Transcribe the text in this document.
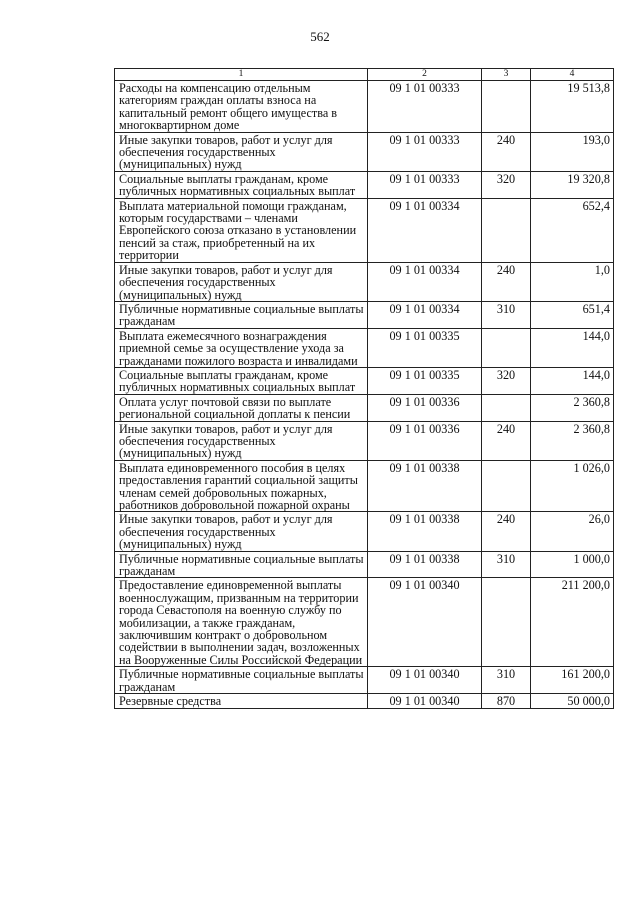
562
1	2	3	4
Расходы на компенсацию отдельным категориям граждан оплаты взноса на капитальный ремонт общего имущества в многоквартирном доме	09 1 01 00333		19 513,8
Иные закупки товаров, работ и услуг для обеспечения государственных (муниципальных) нужд	09 1 01 00333	240	193,0
Социальные выплаты гражданам, кроме публичных нормативных социальных выплат	09 1 01 00333	320	19 320,8
Выплата материальной помощи гражданам, которым государствами – членами Европейского союза отказано в установлении пенсий за стаж, приобретенный на их территории	09 1 01 00334		652,4
Иные закупки товаров, работ и услуг для обеспечения государственных (муниципальных) нужд	09 1 01 00334	240	1,0
Публичные нормативные социальные выплаты гражданам	09 1 01 00334	310	651,4
Выплата ежемесячного вознаграждения приемной семье за осуществление ухода за гражданами пожилого возраста и инвалидами	09 1 01 00335		144,0
Социальные выплаты гражданам, кроме публичных нормативных социальных выплат	09 1 01 00335	320	144,0
Оплата услуг почтовой связи по выплате региональной социальной доплаты к пенсии	09 1 01 00336		2 360,8
Иные закупки товаров, работ и услуг для обеспечения государственных (муниципальных) нужд	09 1 01 00336	240	2 360,8
Выплата единовременного пособия в целях предоставления гарантий социальной защиты членам семей добровольных пожарных, работников добровольной пожарной охраны	09 1 01 00338		1 026,0
Иные закупки товаров, работ и услуг для обеспечения государственных (муниципальных) нужд	09 1 01 00338	240	26,0
Публичные нормативные социальные выплаты гражданам	09 1 01 00338	310	1 000,0
Предоставление единовременной выплаты военнослужащим, призванным на территории города Севастополя на военную службу по мобилизации, а также гражданам, заключившим контракт о добровольном содействии в выполнении задач, возложенных на Вооруженные Силы Российской Федерации	09 1 01 00340		211 200,0
Публичные нормативные социальные выплаты гражданам	09 1 01 00340	310	161 200,0
Резервные средства	09 1 01 00340	870	50 000,0
